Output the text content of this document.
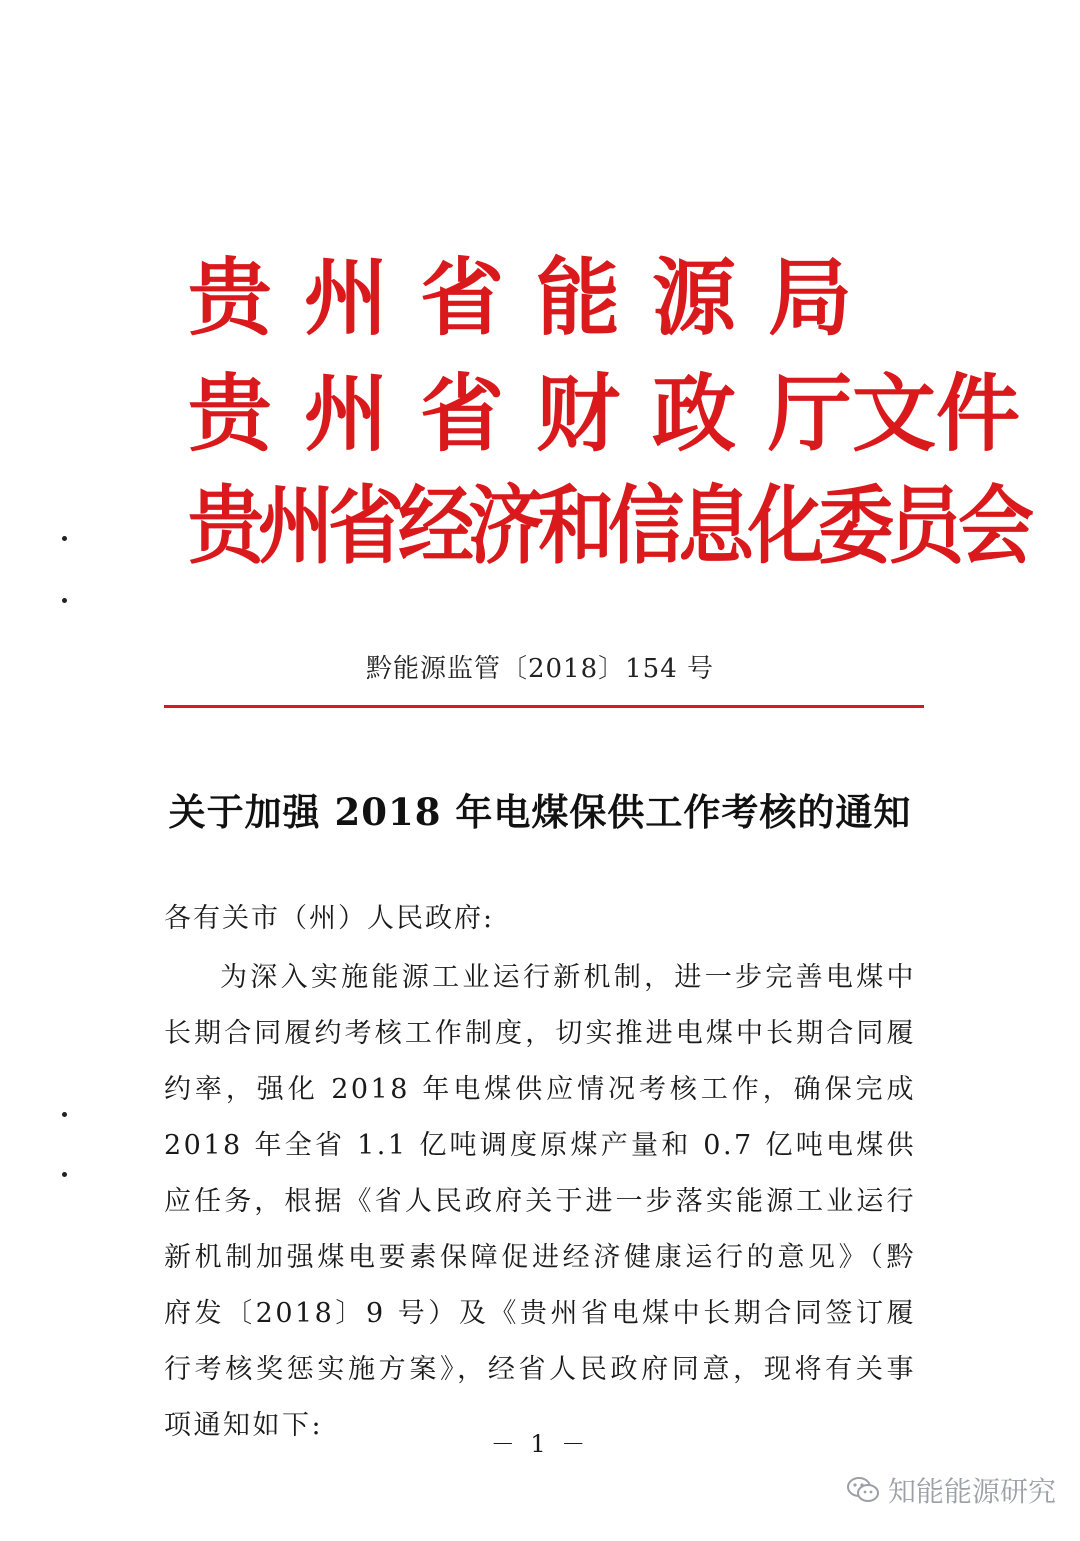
贵州省能源局
贵州省财政厅文件
贵州省经济和信息化委员会
黔能源监管〔2018〕154 号
关于加强 2018 年电煤保供工作考核的通知
各有关市（州）人民政府:

为深入实施能源工业运行新机制，进一步完善电煤中长期合同履约考核工作制度，切实推进电煤中长期合同履约率，强化 2018 年电煤供应情况考核工作，确保完成 2018 年全省 1.1 亿吨调度原煤产量和 0.7 亿吨电煤供应任务，根据《省人民政府关于进一步落实能源工业运行新机制加强煤电要素保障促进经济健康运行的意见》（黔府发〔2018〕9 号）及《贵州省电煤中长期合同签订履行考核奖惩实施方案》，经省人民政府同意，现将有关事项通知如下:

－ 1 －
知能能源研究
